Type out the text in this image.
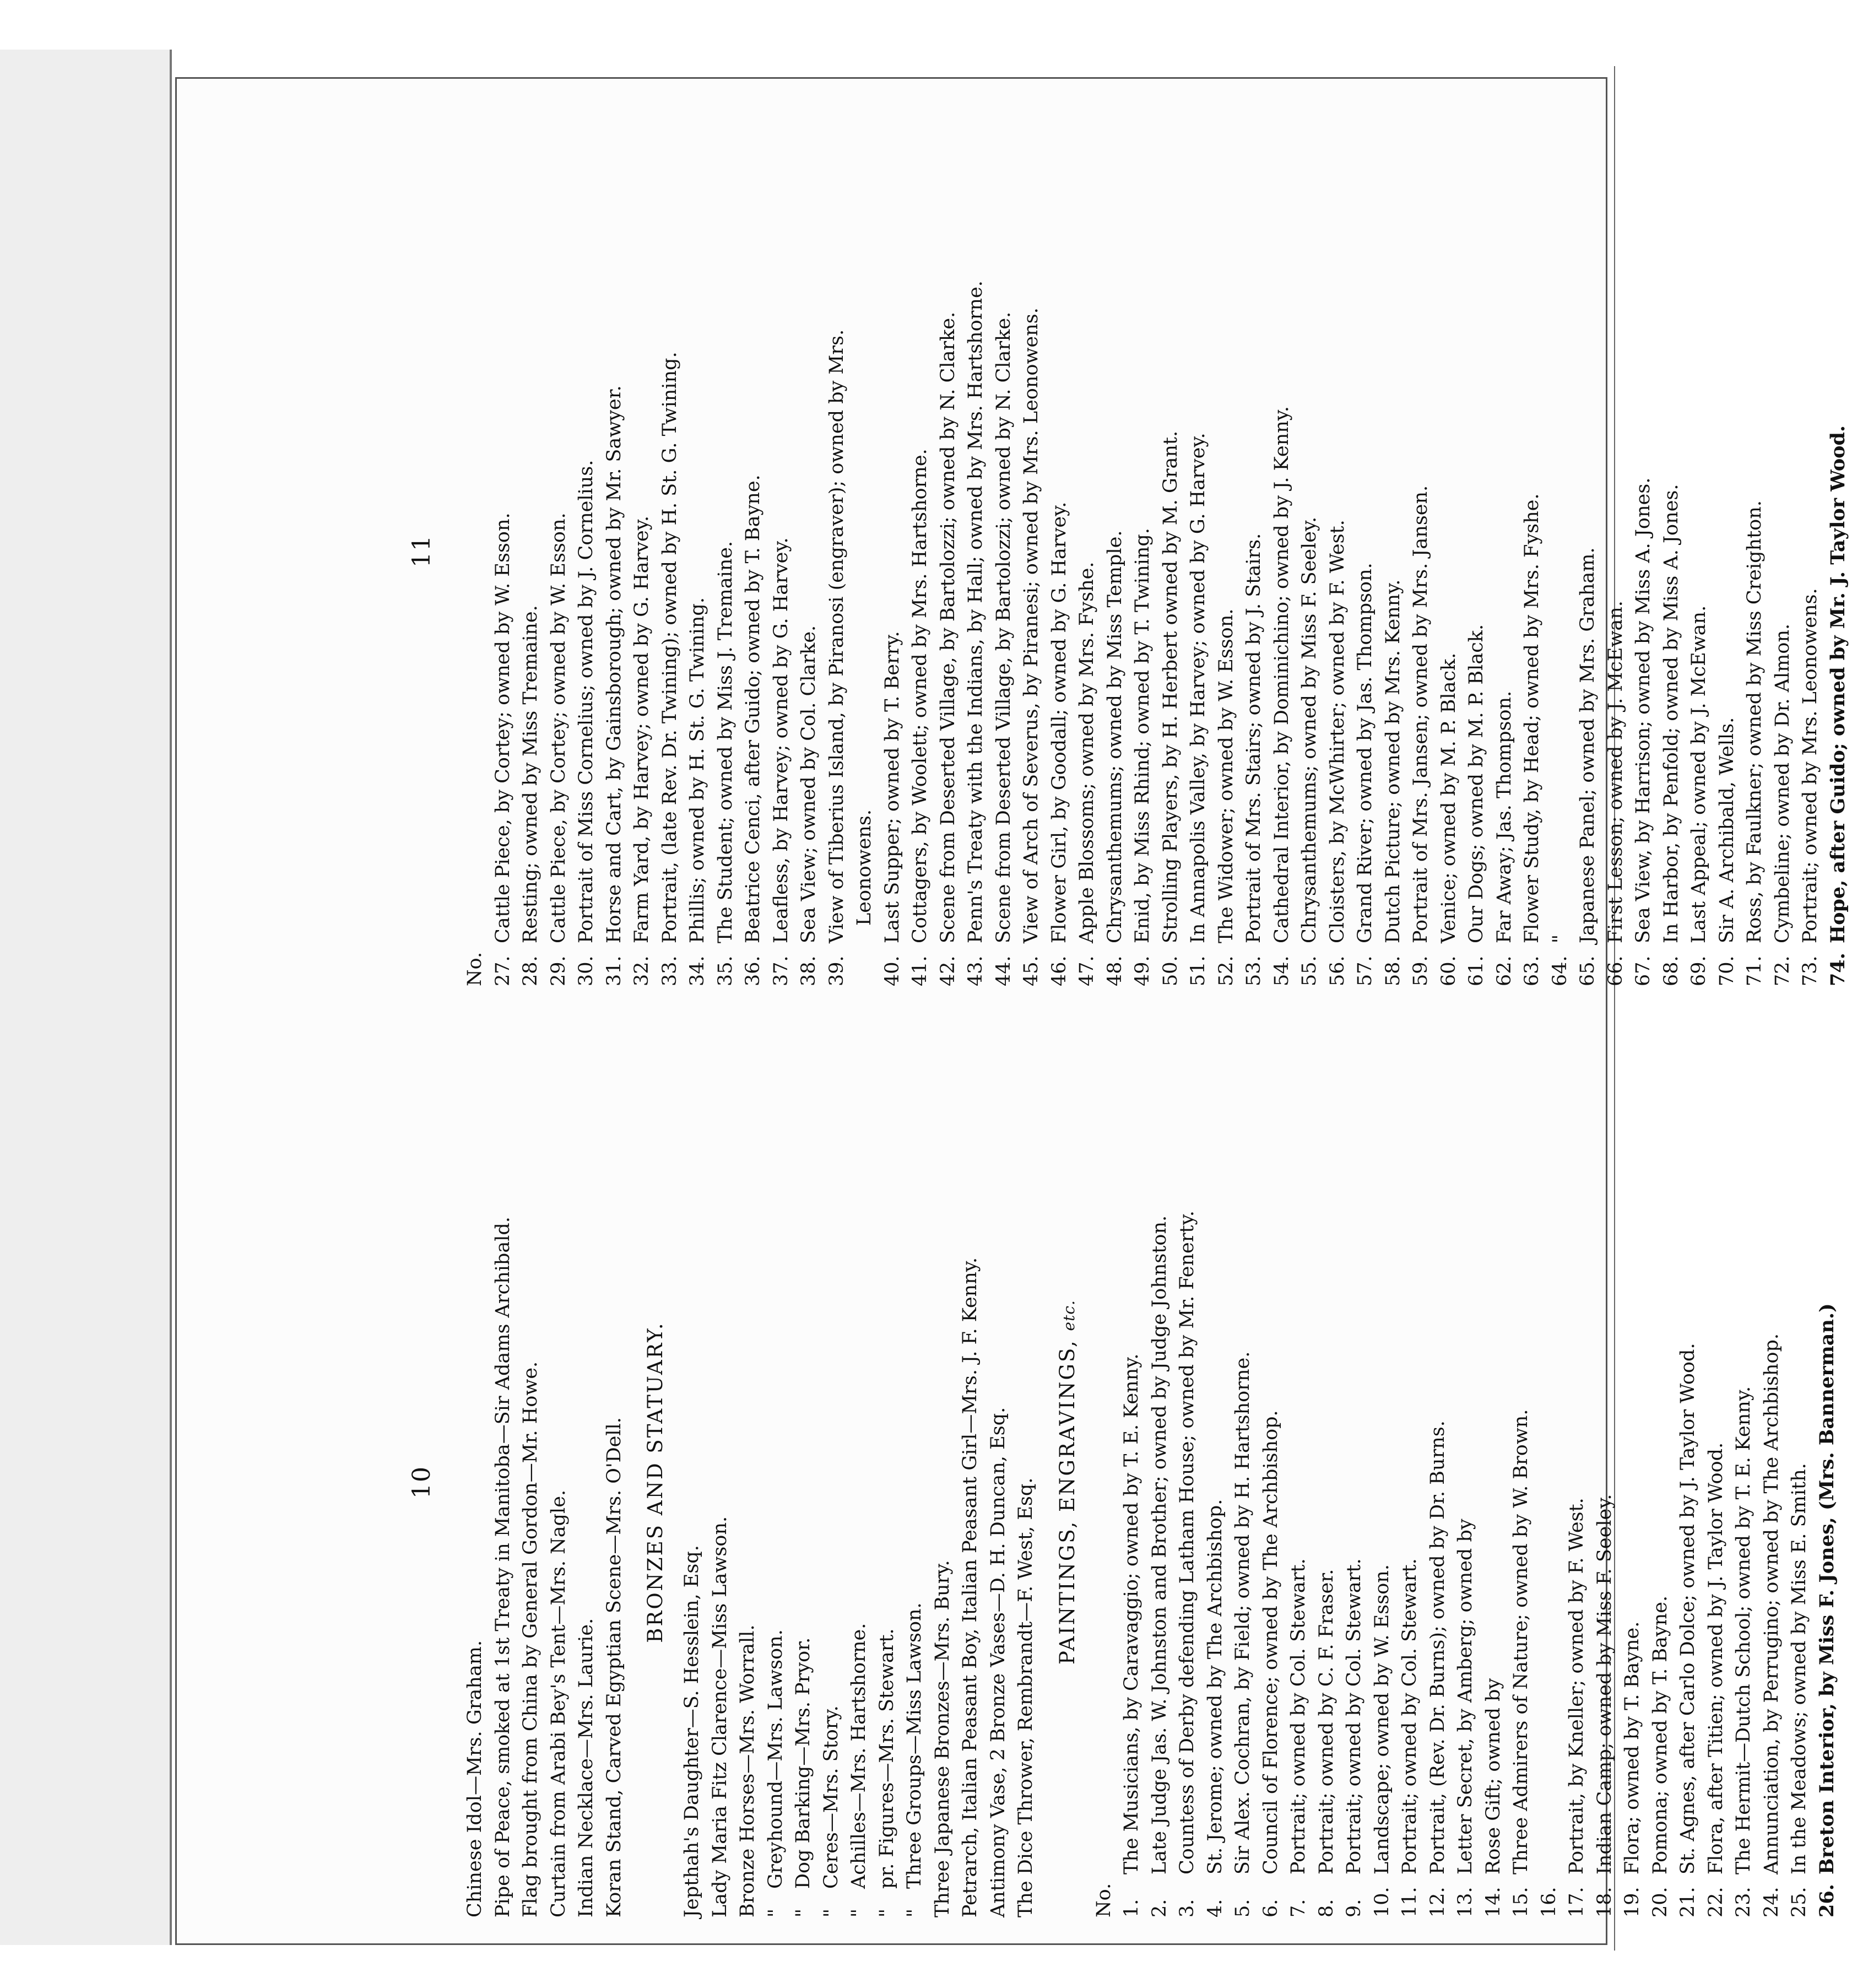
10
Chinese Idol—Mrs. Graham. Pipe of Peace, smoked at 1st Treaty in Manitoba—Sir Adams Archibald. Flag brought from China by General Gordon—Mr. Howe. Curtain from Arabi Bey's Tent—Mrs. Nagle. Indian Necklace—Mrs. Laurie. Koran Stand, Carved Egyptian Scene—Mrs. O'Dell. BRONZES AND STATUARY.
Jepthah's Daughter—S. Hesslein, Esq. Lady Maria Fitz Clarence—Miss Lawson. Bronze Horses—Mrs. Worrall. "Greyhound—Mrs. Lawson.
"Dog Barking—Mrs. Pryor.
"Ceres—Mrs. Story.
"Achilles—Mrs. Hartshorne.
"pr. Figures—Mrs. Stewart.
"Three Groups—Miss Lawson. Three Japanese Bronzes—Mrs. Bury. Petrarch, Italian Peasant Boy, Italian Peasant Girl—Mrs. J. F. Kenny. Antimony Vase, 2 Bronze Vases—D. H. Duncan, Esq. The Dice Thrower, Rembrandt—F. West, Esq. PAINTINGS, ENGRAVINGS, etc.
No. 1.
The Musicians, by Caravaggio; owned by T. E. Kenny.
2.
Late Judge Jas. W. Johnston and Brother; owned by Judge Johnston.
3.
Countess of Derby defending Latham House; owned by Mr. Fenerty.
4.
St. Jerome; owned by The Archbishop.
5.
Sir Alex. Cochran, by Field; owned by H. Hartshorne.
6.
Council of Florence; owned by The Archbishop.
7.
Portrait; owned by Col. Stewart.
8.
Portrait; owned by C. F. Fraser.
9.
Portrait; owned by Col. Stewart.
10.
Landscape; owned by W. Esson.
11.
Portrait; owned by Col. Stewart.
12.
Portrait, (Rev. Dr. Burns); owned by Dr. Burns.
13.
Letter Secret, by Amberg; owned by
14.
Rose Gift; owned by
15.
Three Admirers of Nature; owned by W. Brown.
16. 17.
Portrait, by Kneller; owned by F. West.
18.
Indian Camp; owned by Miss F. Seeley.
19.
Flora; owned by T. Bayne.
20.
Pomona; owned by T. Bayne.
21.
St. Agnes, after Carlo Dolce; owned by J. Taylor Wood.
22.
Flora, after Titien; owned by J. Taylor Wood.
23.
The Hermit—Dutch School; owned by T. E. Kenny.
24.
Annunciation, by Perrugino; owned by The Archbishop.
25.
In the Meadows; owned by Miss E. Smith.
26.
Breton Interior, by Miss F. Jones, (Mrs. Bannerman.)
11
No. 27.
Cattle Piece, by Cortey; owned by W. Esson.
28.
Resting; owned by Miss Tremaine.
29.
Cattle Piece, by Cortey; owned by W. Esson.
30.
Portrait of Miss Cornelius; owned by J. Cornelius.
31.
Horse and Cart, by Gainsborough; owned by Mr. Sawyer.
32.
Farm Yard, by Harvey; owned by G. Harvey.
33.
Portrait, (late Rev. Dr. Twining); owned by H. St. G. Twining.
34.
Phillis; owned by H. St. G. Twining.
35.
The Student; owned by Miss J. Tremaine.
36.
Beatrice Cenci, after Guido; owned by T. Bayne.
37.
Leafless, by Harvey; owned by G. Harvey.
38.
Sea View; owned by Col. Clarke.
39.
View of Tiberius Island, by Piranosi (engraver); owned by Mrs. Leonowens.
40.
Last Supper; owned by T. Berry.
41.
Cottagers, by Woolett; owned by Mrs. Hartshorne.
42.
Scene from Deserted Village, by Bartolozzi; owned by N. Clarke.
43.
Penn's Treaty with the Indians, by Hall; owned by Mrs. Hartshorne.
44.
Scene from Deserted Village, by Bartolozzi; owned by N. Clarke.
45.
View of Arch of Severus, by Piranesi; owned by Mrs. Leonowens.
46.
Flower Girl, by Goodall; owned by G. Harvey.
47.
Apple Blossoms; owned by Mrs. Fyshe.
48.
Chrysanthemums; owned by Miss Temple.
49.
Enid, by Miss Rhind; owned by T. Twining.
50.
Strolling Players, by H. Herbert owned by M. Grant.
51.
In Annapolis Valley, by Harvey; owned by G. Harvey.
52.
The Widower; owned by W. Esson.
53.
Portrait of Mrs. Stairs; owned by J. Stairs.
54.
Cathedral Interior, by Dominichino; owned by J. Kenny.
55.
Chrysanthemums; owned by Miss F. Seeley.
56.
Cloisters, by McWhirter; owned by F. West.
57.
Grand River; owned by Jas. Thompson.
58.
Dutch Picture; owned by Mrs. Kenny.
59.
Portrait of Mrs. Jansen; owned by Mrs. Jansen.
60.
Venice; owned by M. P. Black.
61.
Our Dogs; owned by M. P. Black.
62.
Far Away; Jas. Thompson.
63.
Flower Study, by Head; owned by Mrs. Fyshe.
64.
"
65.
Japanese Panel; owned by Mrs. Graham.
66.
First Lesson; owned by J. McEwan.
67.
Sea View, by Harrison; owned by Miss A. Jones.
68.
In Harbor, by Penfold; owned by Miss A. Jones.
69.
Last Appeal; owned by J. McEwan.
70.
Sir A. Archibald, Wells.
71.
Ross, by Faulkner; owned by Miss Creighton.
72.
Cymbeline; owned by Dr. Almon.
73.
Portrait; owned by Mrs. Leonowens.
74.
Hope, after Guido; owned by Mr. J. Taylor Wood.
